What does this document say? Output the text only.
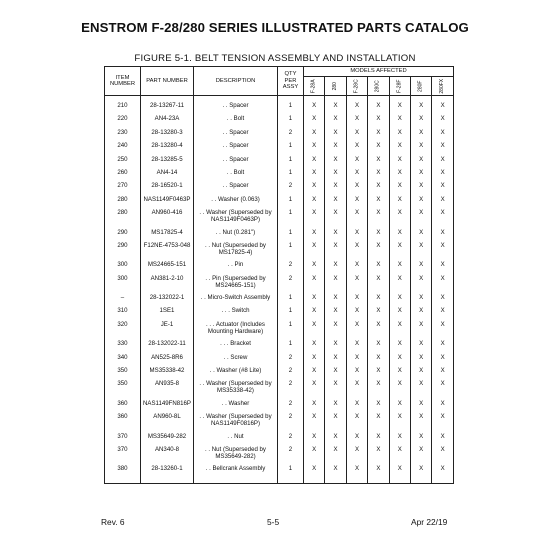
ENSTROM F-28/280 SERIES ILLUSTRATED PARTS CATALOG
FIGURE 5-1. BELT TENSION ASSEMBLY AND INSTALLATION
ITEM NUMBER	PART NUMBER	DESCRIPTION	QTY PER ASSY	MODELS AFFECTED						
				F-28A	280	F-28C	280C	F-28F	280F	280FX

210	28-13267-11	. . Spacer	1	X	X	X	X	X	X	X
220	AN4-23A	. . Bolt	1	X	X	X	X	X	X	X
230	28-13280-3	. . Spacer	2	X	X	X	X	X	X	X
240	28-13280-4	. . Spacer	1	X	X	X	X	X	X	X
250	28-13285-5	. . Spacer	1	X	X	X	X	X	X	X
260	AN4-14	. . Bolt	1	X	X	X	X	X	X	X
270	28-16520-1	. . Spacer	2	X	X	X	X	X	X	X
280	NAS1149F0463P	. . Washer (0.063)	1	X	X	X	X	X	X	X
280	AN960-416	. . Washer (Superseded by NAS1149F0463P)	1	X	X	X	X	X	X	X
290	MS17825-4	. . Nut (0.281")	1	X	X	X	X	X	X	X
290	F12NE-4753-048	. . Nut (Superseded by MS17825-4)	1	X	X	X	X	X	X	X
300	MS24665-151	. . Pin	2	X	X	X	X	X	X	X
300	AN381-2-10	. . Pin (Superseded by MS24665-151)	2	X	X	X	X	X	X	X
–	28-132022-1	. . Micro-Switch Assembly	1	X	X	X	X	X	X	X
310	1SE1	. . . Switch	1	X	X	X	X	X	X	X
320	JE-1	. . . Actuator (Includes Mounting Hardware)	1	X	X	X	X	X	X	X
330	28-132022-11	. . . Bracket	1	X	X	X	X	X	X	X
340	AN525-8R6	. . Screw	2	X	X	X	X	X	X	X
350	MS35338-42	. . Washer (#8 Lite)	2	X	X	X	X	X	X	X
350	AN935-8	. . Washer (Superseded by MS35338-42)	2	X	X	X	X	X	X	X
360	NAS1149FN816P	. . Washer	2	X	X	X	X	X	X	X
360	AN960-8L	. . Washer (Superseded by NAS1149F0816P)	2	X	X	X	X	X	X	X
370	MS35649-282	. . Nut	2	X	X	X	X	X	X	X
370	AN340-8	. . Nut (Superseded by MS35649-282)	2	X	X	X	X	X	X	X
380	28-13260-1	. . Bellcrank Assembly	1	X	X	X	X	X	X	X

Rev. 6	5-5	Apr 22/19
